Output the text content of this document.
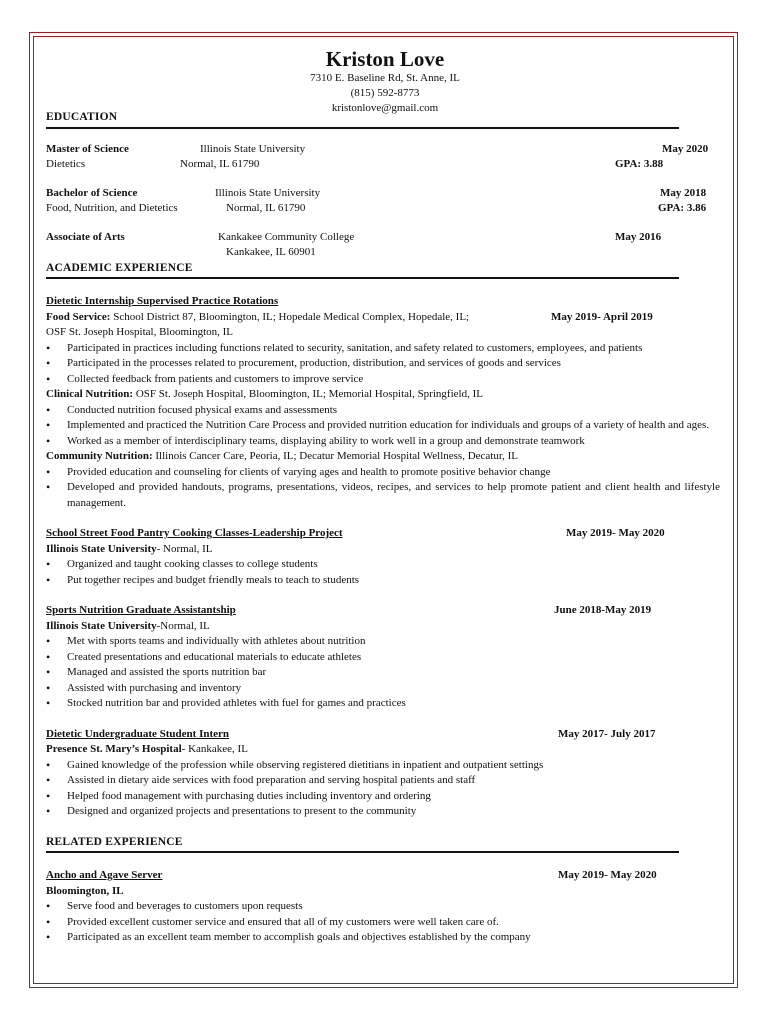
Kriston Love
7310 E. Baseline Rd, St. Anne, IL
(815) 592-8773
kristonlove@gmail.com
EDUCATION
Master of Science	Illinois State University	May 2020
Dietetics	Normal, IL 61790	GPA: 3.88
Bachelor of Science	Illinois State University	May 2018
Food, Nutrition, and Dietetics	Normal, IL 61790	GPA: 3.86
Associate of Arts	Kankakee Community College	May 2016
Kankakee, IL 60901
ACADEMIC EXPERIENCE
Dietetic Internship Supervised Practice Rotations
Food Service: School District 87, Bloomington, IL; Hopedale Medical Complex, Hopedale, IL;	May 2019- April 2019
OSF St. Joseph Hospital, Bloomington, IL
• Participated in practices including functions related to security, sanitation, and safety related to customers, employees, and patients
• Participated in the processes related to procurement, production, distribution, and services of goods and services
• Collected feedback from patients and customers to improve service
Clinical Nutrition: OSF St. Joseph Hospital, Bloomington, IL; Memorial Hospital, Springfield, IL
• Conducted nutrition focused physical exams and assessments
• Implemented and practiced the Nutrition Care Process and provided nutrition education for individuals and groups of a variety of health and ages.
• Worked as a member of interdisciplinary teams, displaying ability to work well in a group and demonstrate teamwork
Community Nutrition: Illinois Cancer Care, Peoria, IL; Decatur Memorial Hospital Wellness, Decatur, IL
• Provided education and counseling for clients of varying ages and health to promote positive behavior change
• Developed and provided handouts, programs, presentations, videos, recipes, and services to help promote patient and client health and lifestyle management.
School Street Food Pantry Cooking Classes-Leadership Project	May 2019- May 2020
Illinois State University- Normal, IL
• Organized and taught cooking classes to college students
• Put together recipes and budget friendly meals to teach to students
Sports Nutrition Graduate Assistantship	June 2018-May 2019
Illinois State University-Normal, IL
• Met with sports teams and individually with athletes about nutrition
• Created presentations and educational materials to educate athletes
• Managed and assisted the sports nutrition bar
• Assisted with purchasing and inventory
• Stocked nutrition bar and provided athletes with fuel for games and practices
Dietetic Undergraduate Student Intern	May 2017- July 2017
Presence St. Mary’s Hospital- Kankakee, IL
• Gained knowledge of the profession while observing registered dietitians in inpatient and outpatient settings
• Assisted in dietary aide services with food preparation and serving hospital patients and staff
• Helped food management with purchasing duties including inventory and ordering
• Designed and organized projects and presentations to present to the community
RELATED EXPERIENCE
Ancho and Agave Server	May 2019- May 2020
Bloomington, IL
• Serve food and beverages to customers upon requests
• Provided excellent customer service and ensured that all of my customers were well taken care of.
• Participated as an excellent team member to accomplish goals and objectives established by the company
